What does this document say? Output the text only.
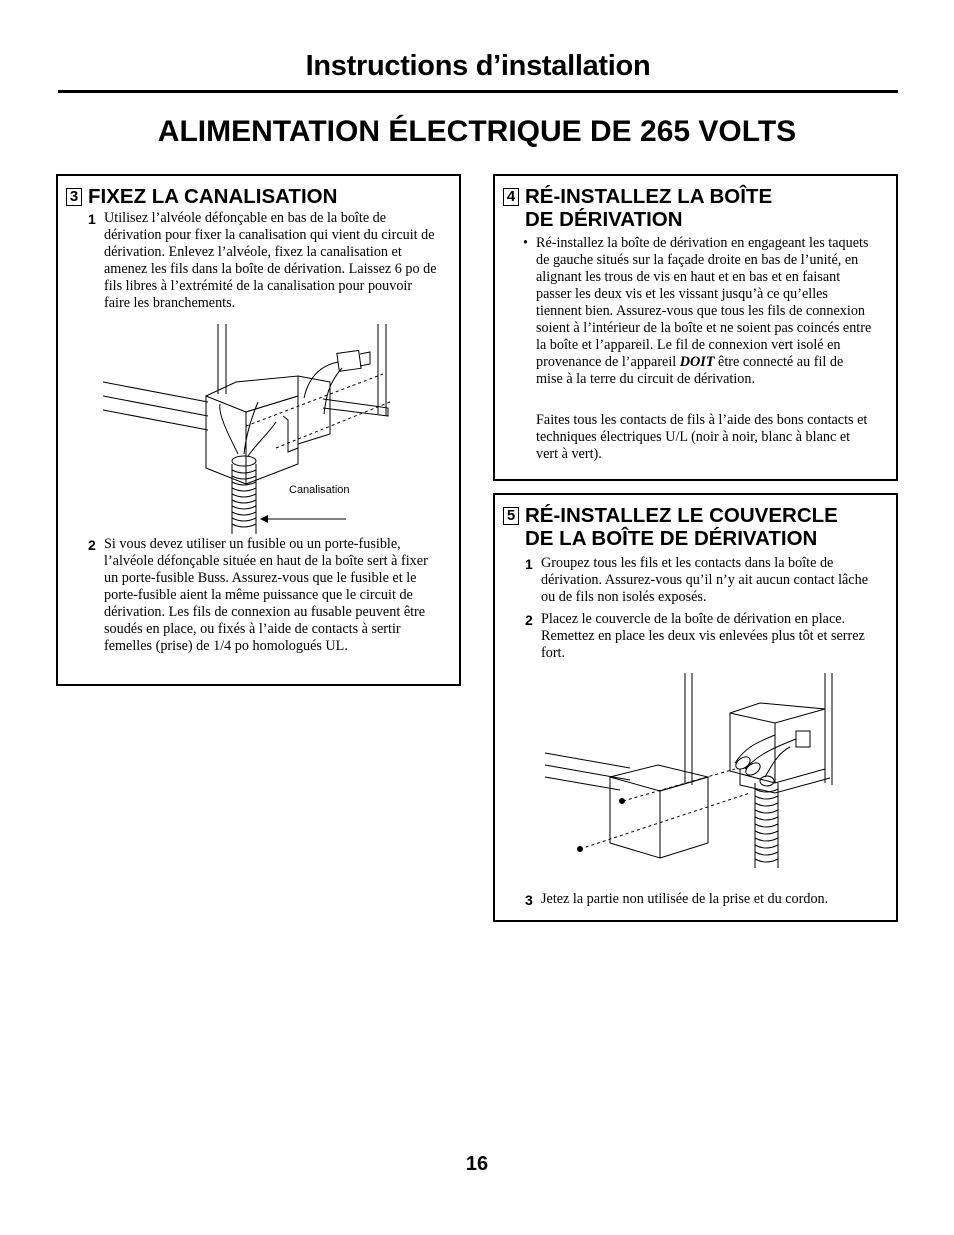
Instructions d’installation
ALIMENTATION ÉLECTRIQUE DE 265 VOLTS
3 FIXEZ LA CANALISATION
1 Utilisez l’alvéole défonçable en bas de la boîte de dérivation pour fixer la canalisation qui vient du circuit de dérivation. Enlevez l’alvéole, fixez la canalisation et amenez les fils dans la boîte de dérivation. Laissez 6 po de fils libres à l’extrémité de la canalisation pour pouvoir faire les branchements.
Canalisation
2 Si vous devez utiliser un fusible ou un porte-fusible, l’alvéole défonçable située en haut de la boîte sert à fixer un porte-fusible Buss. Assurez-vous que le fusible et le porte-fusible aient la même puissance que le circuit de dérivation. Les fils de connexion au fusable peuvent être soudés en place, ou fixés à l’aide de contacts à sertir femelles (prise) de 1/4 po homologués UL.
4 RÉ-INSTALLEZ LA BOÎTE
DE DÉRIVATION
• Ré-installez la boîte de dérivation en engageant les taquets de gauche situés sur la façade droite en bas de l’unité, en alignant les trous de vis en haut et en bas et en faisant passer les deux vis et les vissant jusqu’à ce qu’elles tiennent bien. Assurez-vous que tous les fils de connexion soient à l’intérieur de la boîte et ne soient pas coincés entre la boîte et l’appareil. Le fil de connexion vert isolé en provenance de l’appareil DOIT être connecté au fil de mise à la terre du circuit de dérivation.
Faites tous les contacts de fils à l’aide des bons contacts et techniques électriques U/L (noir à noir, blanc à blanc et vert à vert).
5 RÉ-INSTALLEZ LE COUVERCLE
DE LA BOÎTE DE DÉRIVATION
1 Groupez tous les fils et les contacts dans la boîte de dérivation. Assurez-vous qu’il n’y ait aucun contact lâche ou de fils non isolés exposés.
2 Placez le couvercle de la boîte de dérivation en place. Remettez en place les deux vis enlevées plus tôt et serrez fort.
3 Jetez la partie non utilisée de la prise et du cordon.
16
